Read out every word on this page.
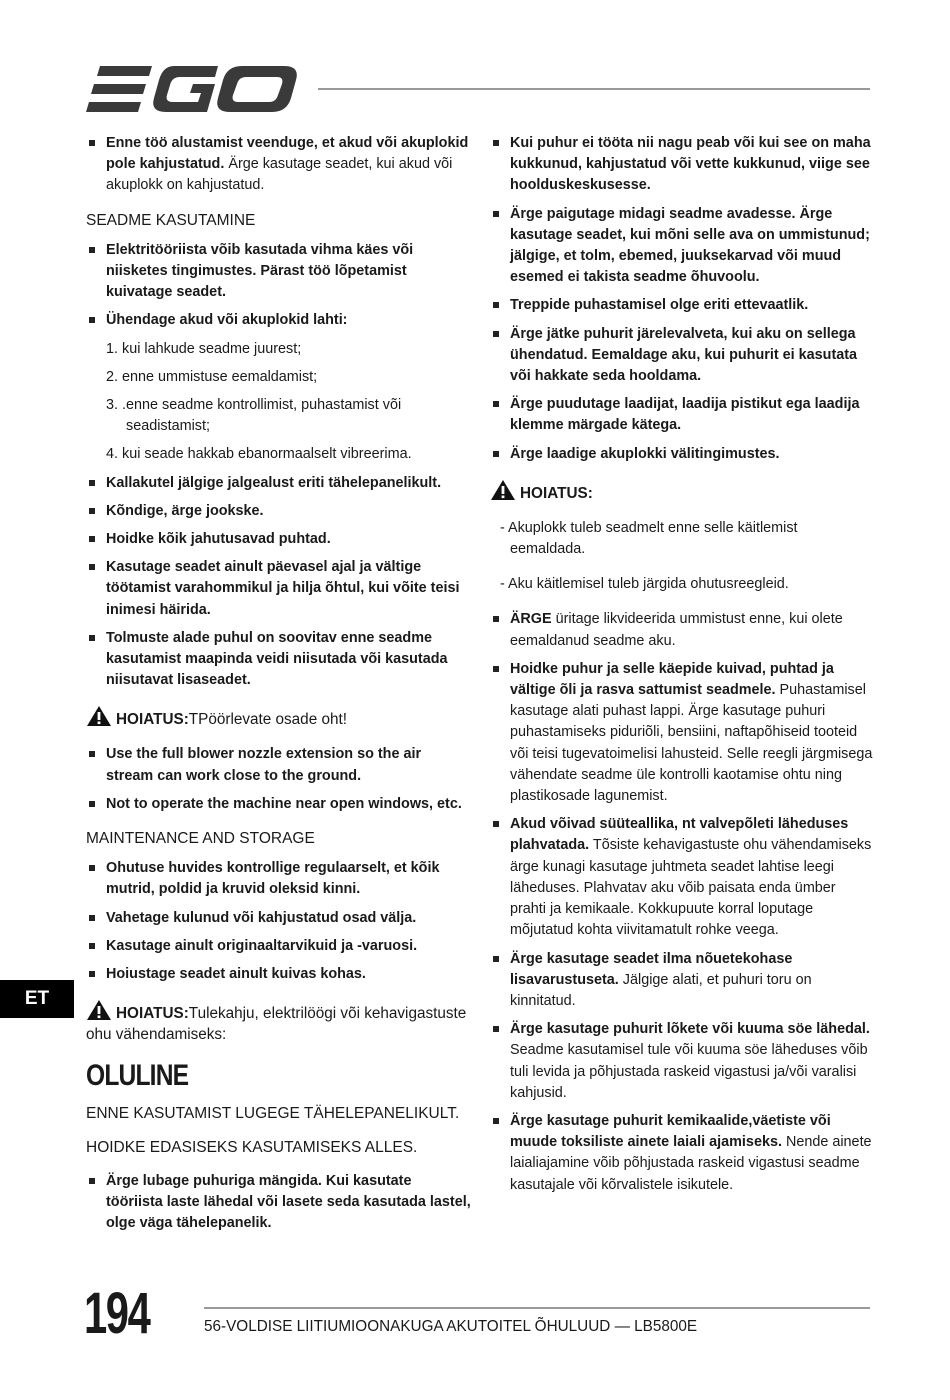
Enne töö alustamist veenduge, et akud või akuplokid pole kahjustatud. Ärge kasutage seadet, kui akud või akuplokk on kahjustatud.
SEADME KASUTAMINE
Elektritööriista võib kasutada vihma käes või niisketes tingimustes. Pärast töö lõpetamist kuivatage seadet.
Ühendage akud või akuplokid lahti:
1. kui lahkude seadme juurest;
2. enne ummistuse eemaldamist;
3. .enne seadme kontrollimist, puhastamist või seadistamist;
4. kui seade hakkab ebanormaalselt vibreerima.
Kallakutel jälgige jalgealust eriti tähelepanelikult.
Kõndige, ärge jookske.
Hoidke kõik jahutusavad puhtad.
Kasutage seadet ainult päevasel ajal ja vältige töötamist varahommikul ja hilja õhtul, kui võite teisi inimesi häirida.
Tolmuste alade puhul on soovitav enne seadme kasutamist maapinda veidi niisutada või kasutada niisutavat lisaseadet.
HOIATUS:TPöörlevate osade oht!
Use the full blower nozzle extension so the air stream can work close to the ground.
Not to operate the machine near open windows, etc.
MAINTENANCE AND STORAGE
Ohutuse huvides kontrollige regulaarselt, et kõik mutrid, poldid ja kruvid oleksid kinni.
Vahetage kulunud või kahjustatud osad välja.
Kasutage ainult originaaltarvikuid ja -varuosi.
Hoiustage seadet ainult kuivas kohas.
HOIATUS:Tulekahju, elektrilöögi või kehavigastuste ohu vähendamiseks:
OLULINE
ENNE KASUTAMIST LUGEGE TÄHELEPANELIKULT.
HOIDKE EDASISEKS KASUTAMISEKS ALLES.
Ärge lubage puhuriga mängida. Kui kasutate tööriista laste lähedal või lasete seda kasutada lastel, olge väga tähelepanelik.
Kui puhur ei tööta nii nagu peab või kui see on maha kukkunud, kahjustatud või vette kukkunud, viige see hoolduskeskusesse.
Ärge paigutage midagi seadme avadesse. Ärge kasutage seadet, kui mõni selle ava on ummistunud; jälgige, et tolm, ebemed, juuksekarvad või muud esemed ei takista seadme õhuvoolu.
Treppide puhastamisel olge eriti ettevaatlik.
Ärge jätke puhurit järelevalveta, kui aku on sellega ühendatud. Eemaldage aku, kui puhurit ei kasutata või hakkate seda hooldama.
Ärge puudutage laadijat, laadija pistikut ega laadija klemme märgade kätega.
Ärge laadige akuplokki välitingimustes.
HOIATUS:
- Akuplokk tuleb seadmelt enne selle käitlemist eemaldada.
- Aku käitlemisel tuleb järgida ohutusreegleid.
ÄRGE üritage likvideerida ummistust enne, kui olete eemaldanud seadme aku.
Hoidke puhur ja selle käepide kuivad, puhtad ja vältige õli ja rasva sattumist seadmele. Puhastamisel kasutage alati puhast lappi. Ärge kasutage puhuri puhastamiseks piduriõli, bensiini, naftapõhiseid tooteid või teisi tugevatoimelisi lahusteid. Selle reegli järgmisega vähendate seadme üle kontrolli kaotamise ohtu ning plastikosade lagunemist.
Akud võivad süüteallika, nt valvepõleti läheduses plahvatada. Tõsiste kehavigastuste ohu vähendamiseks ärge kunagi kasutage juhtmeta seadet lahtise leegi läheduses. Plahvatav aku võib paisata enda ümber prahti ja kemikaale. Kokkupuute korral loputage mõjutatud kohta viivitamatult rohke veega.
Ärge kasutage seadet ilma nõuetekohase lisavarustuseta. Jälgige alati, et puhuri toru on kinnitatud.
Ärge kasutage puhurit lõkete või kuuma söe lähedal. Seadme kasutamisel tule või kuuma söe läheduses võib tuli levida ja põhjustada raskeid vigastusi ja/või varalisi kahjusid.
Ärge kasutage puhurit kemikaalide,väetiste või muude toksiliste ainete laiali ajamiseks. Nende ainete laialiajamine võib põhjustada raskeid vigastusi seadme kasutajale või kõrvalistele isikutele.
ET
194	56-VOLDISE LIITIUMIOONAKUGA AKUTOITEL ÕHULUUD — LB5800E
